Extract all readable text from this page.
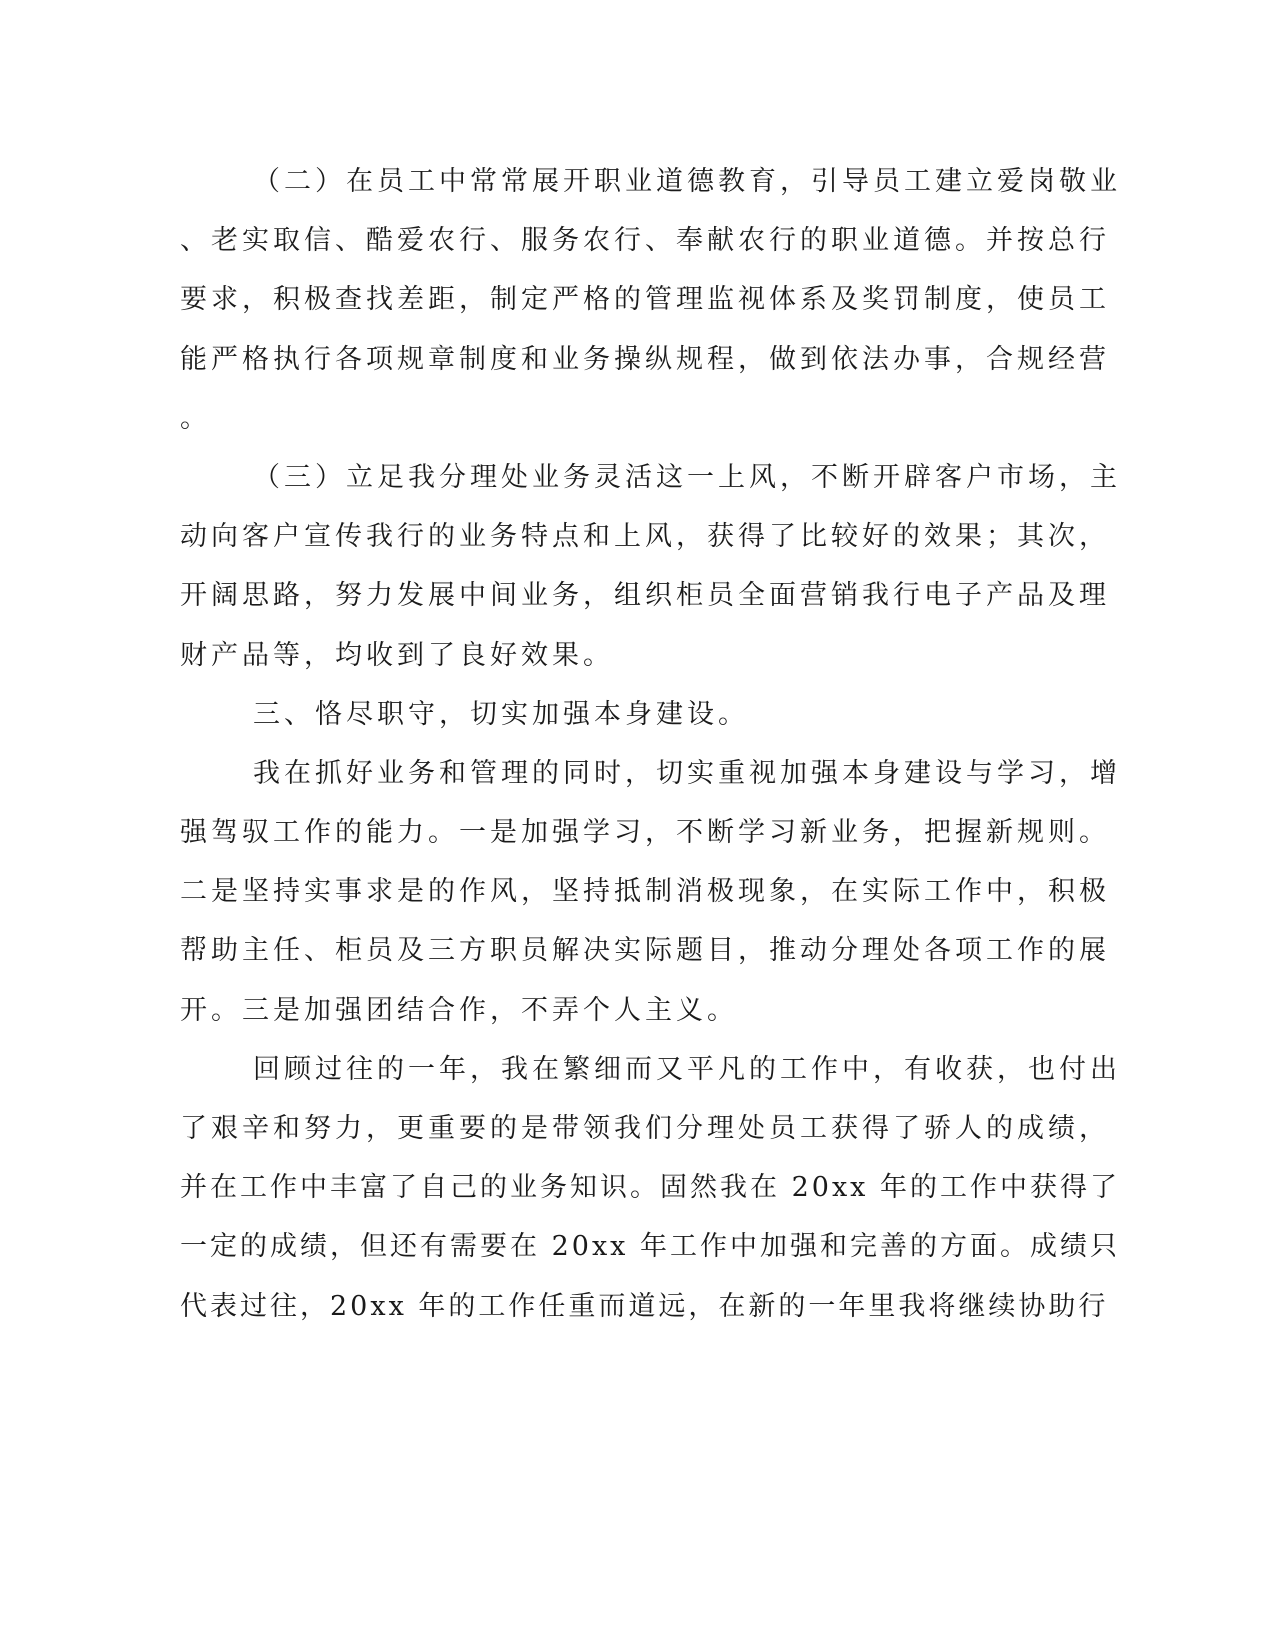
（二）在员工中常常展开职业道德教育，引导员工建立爱岗敬业
、老实取信、酷爱农行、服务农行、奉献农行的职业道德。并按总行
要求，积极查找差距，制定严格的管理监视体系及奖罚制度，使员工
能严格执行各项规章制度和业务操纵规程，做到依法办事，合规经营
。
（三）立足我分理处业务灵活这一上风，不断开辟客户市场，主
动向客户宣传我行的业务特点和上风，获得了比较好的效果；其次，
开阔思路，努力发展中间业务，组织柜员全面营销我行电子产品及理
财产品等，均收到了良好效果。
三、恪尽职守，切实加强本身建设。
我在抓好业务和管理的同时，切实重视加强本身建设与学习，增
强驾驭工作的能力。一是加强学习，不断学习新业务，把握新规则。
二是坚持实事求是的作风，坚持抵制消极现象，在实际工作中，积极
帮助主任、柜员及三方职员解决实际题目，推动分理处各项工作的展
开。三是加强团结合作，不弄个人主义。
回顾过往的一年，我在繁细而又平凡的工作中，有收获，也付出
了艰辛和努力，更重要的是带领我们分理处员工获得了骄人的成绩，
并在工作中丰富了自己的业务知识。固然我在 20xx 年的工作中获得了
一定的成绩，但还有需要在 20xx 年工作中加强和完善的方面。成绩只
代表过往，20xx 年的工作任重而道远，在新的一年里我将继续协助行
